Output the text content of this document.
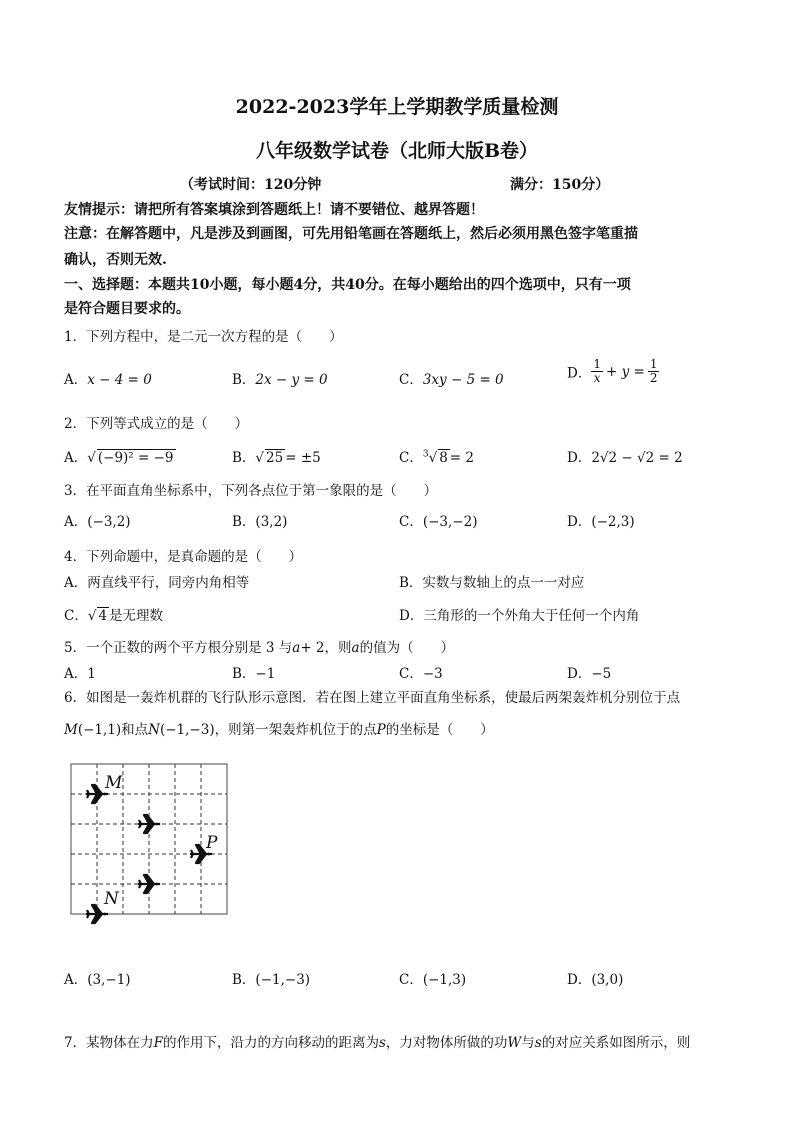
2022-2023学年上学期教学质量检测
八年级数学试卷（北师大版B卷）
（考试时间：120分钟	满分：150分）
友情提示：请把所有答案填涂到答题纸上！请不要错位、越界答题！
注意：在解答题中，凡是涉及到画图，可先用铅笔画在答题纸上，然后必须用黑色签字笔重描
确认，否则无效.
一、选择题：本题共10小题，每小题4分，共40分。在每小题给出的四个选项中，只有一项
是符合题目要求的。
1．下列方程中，是二元一次方程的是（　　）
A．x − 4 = 0	B．2x − y = 0	C．3xy − 5 = 0	D． $\frac{1}{x} + y = \frac{1}{2}$
2．下列等式成立的是（　　）
A．√ (−9)² = −9	B．√ 25 = ±5	C．$^3$√ 8 = 2	D．2√2 − √2 = 2
3．在平面直角坐标系中，下列各点位于第一象限的是（　　）
A．(−3,2)	B．(3,2)	C．(−3,−2)	D．(−2,3)
4．下列命题中，是真命题的是（　　）
A．两直线平行，同旁内角相等	B．实数与数轴上的点一一对应
C．√ 4 是无理数	D．三角形的一个外角大于任何一个内角
5．一个正数的两个平方根分别是 3 与a+ 2，则a的值为（　　）
A．1	B．−1	C．−3	D．−5
6．如图是一轰炸机群的飞行队形示意图．若在图上建立平面直角坐标系，使最后两架轰炸机分别位于点
M(−1,1)和点N(−1,−3)，则第一架轰炸机位于的点P的坐标是（　　）
M
P
N
A．(3,−1)	B．(−1,−3)	C．(−1,3)	D．(3,0)
7．某物体在力F的作用下，沿力的方向移动的距离为s，力对物体所做的功W与s的对应关系如图所示，则
